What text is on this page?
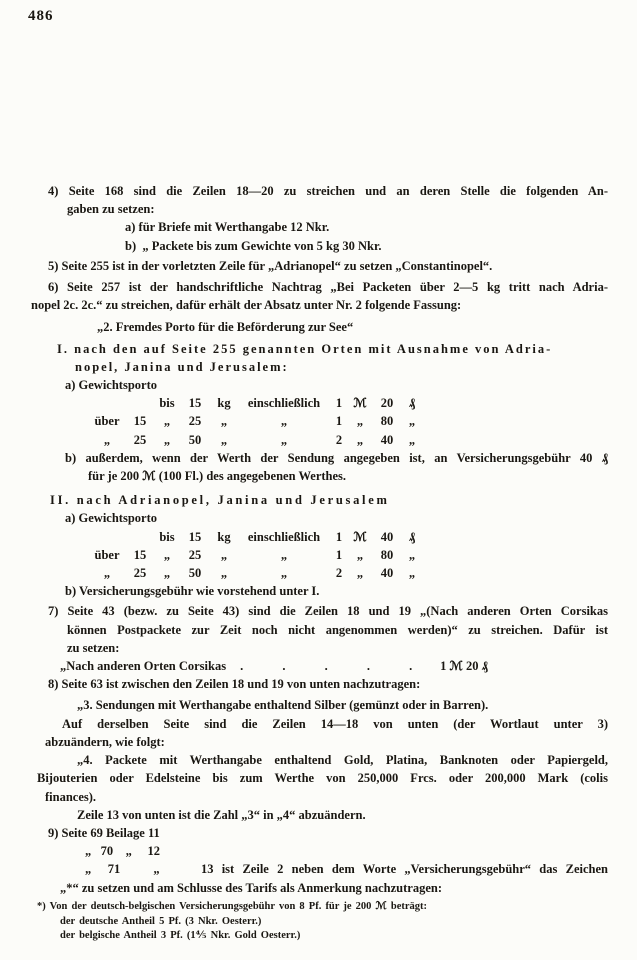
486
4) Seite 168 sind die Zeilen 18—20 zu streichen und an deren Stelle die folgenden An-
gaben zu setzen:
a) für Briefe mit Werthangabe 12 Nkr.
b)  „ Packete bis zum Gewichte von 5 kg 30 Nkr.
5) Seite 255 ist in der vorletzten Zeile für „Adrianopel“ zu setzen „Constantinopel“.
6) Seite 257 ist der handschriftliche Nachtrag „Bei Packeten über 2—5 kg tritt nach Adria-
nopel 2c. 2c.“ zu streichen, dafür erhält der Absatz unter Nr. 2 folgende Fassung:
„2. Fremdes Porto für die Beförderung zur See“
I. nach den auf Seite 255 genannten Orten mit Ausnahme von Adria-
nopel, Janina und Jerusalem:
a) Gewichtsporto
bis	15	kg	einschließlich	1 ℳ	20	₰
über	15	„	25	„	„	1	„	80	„
„	25	„	50	„	„	2	„	40	„
b) außerdem, wenn der Werth der Sendung angegeben ist, an Versicherungsgebühr 40 ₰
für je 200 ℳ (100 Fl.) des angegebenen Werthes.
II. nach Adrianopel, Janina und Jerusalem
a) Gewichtsporto
bis	15	kg	einschließlich	1 ℳ	40	₰
über	15	„	25	„	„	1	„	80	„
„	25	„	50	„	„	2	„	40	„
b) Versicherungsgebühr wie vorstehend unter I.
7) Seite 43 (bezw. zu Seite 43) sind die Zeilen 18 und 19 „(Nach anderen Orten Corsikas
können Postpackete zur Zeit noch nicht angenommen werden)“ zu streichen. Dafür ist
zu setzen:
„Nach anderen Orten Corsikas . . . . .	1 ℳ 20 ₰
8) Seite 63 ist zwischen den Zeilen 18 und 19 von unten nachzutragen:
„3. Sendungen mit Werthangabe enthaltend Silber (gemünzt oder in Barren).
Auf derselben Seite sind die Zeilen 14—18 von unten (der Wortlaut unter 3)
abzuändern, wie folgt:
„4. Packete mit Werthangabe enthaltend Gold, Platina, Banknoten oder Papiergeld,
Bijouterien oder Edelsteine bis zum Werthe von 250,000 Frcs. oder 200,000 Mark (colis
finances).
Zeile 13 von unten ist die Zahl „3“ in „4“ abzuändern.
9) Seite 69 Beilage 11
„   70    „     12
„  71    „     13 ist Zeile 2 neben dem Worte „Versicherungsgebühr“ das Zeichen
„*“ zu setzen und am Schlusse des Tarifs als Anmerkung nachzutragen:
*) Von der deutsch-belgischen Versicherungsgebühr von 8 Pf. für je 200 ℳ beträgt:
der deutsche Antheil 5 Pf. (3 Nkr. Oesterr.)
der belgische Antheil 3 Pf. (1⅘ Nkr. Gold Oesterr.)
